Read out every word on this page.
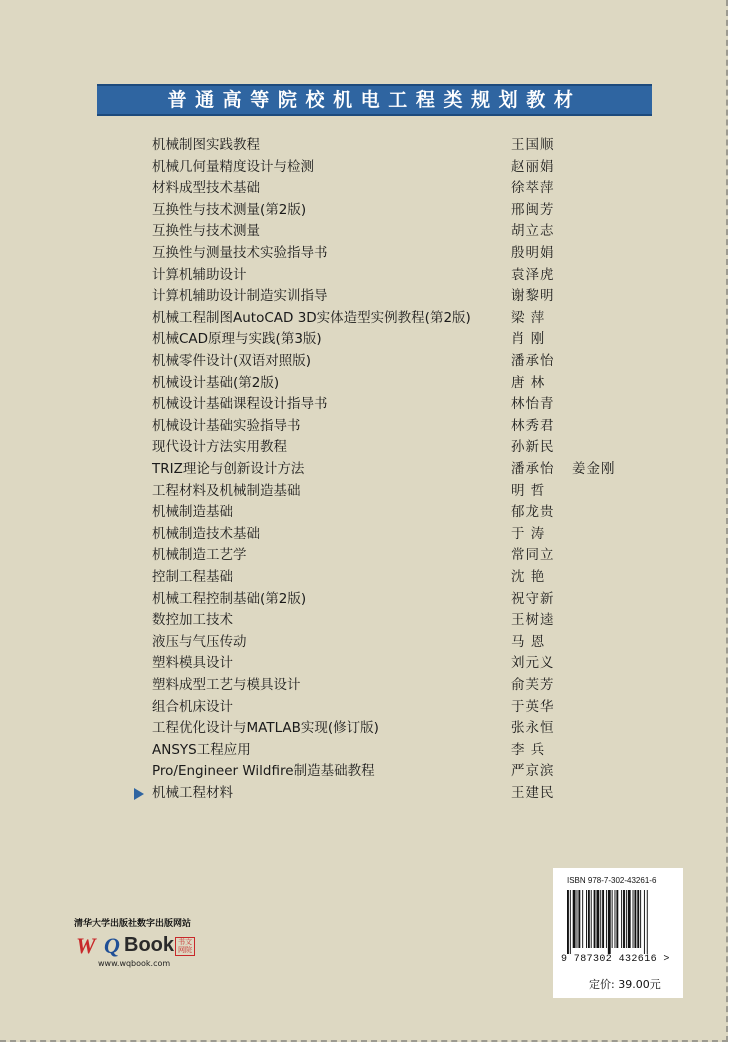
普通高等院校机电工程类规划教材
机械制图实践教程	王国顺
机械几何量精度设计与检测	赵丽娟
材料成型技术基础	徐萃萍
互换性与技术测量(第2版)	邢闽芳
互换性与技术测量	胡立志
互换性与测量技术实验指导书	殷明娟
计算机辅助设计	袁泽虎
计算机辅助设计制造实训指导	谢黎明
机械工程制图AutoCAD 3D实体造型实例教程(第2版)	梁 萍
机械CAD原理与实践(第3版)	肖 刚
机械零件设计(双语对照版)	潘承怡
机械设计基础(第2版)	唐 林
机械设计基础课程设计指导书	林怡青
机械设计基础实验指导书	林秀君
现代设计方法实用教程	孙新民
TRIZ理论与创新设计方法	潘承怡 姜金刚
工程材料及机械制造基础	明 哲
机械制造基础	郁龙贵
机械制造技术基础	于 涛
机械制造工艺学	常同立
控制工程基础	沈 艳
机械工程控制基础(第2版)	祝守新
数控加工技术	王树逵
液压与气压传动	马 恩
塑料模具设计	刘元义
塑料成型工艺与模具设计	俞芙芳
组合机床设计	于英华
工程优化设计与MATLAB实现(修订版)	张永恒
ANSYS工程应用	李 兵
Pro/Engineer Wildfire制造基础教程	严京滨
机械工程材料	王建民
清华大学出版社数字出版网站
W Q Book 书文网院
www.wqbook.com
ISBN 978-7-302-43261-6
9 787302 432616 >
定价: 39.00元
